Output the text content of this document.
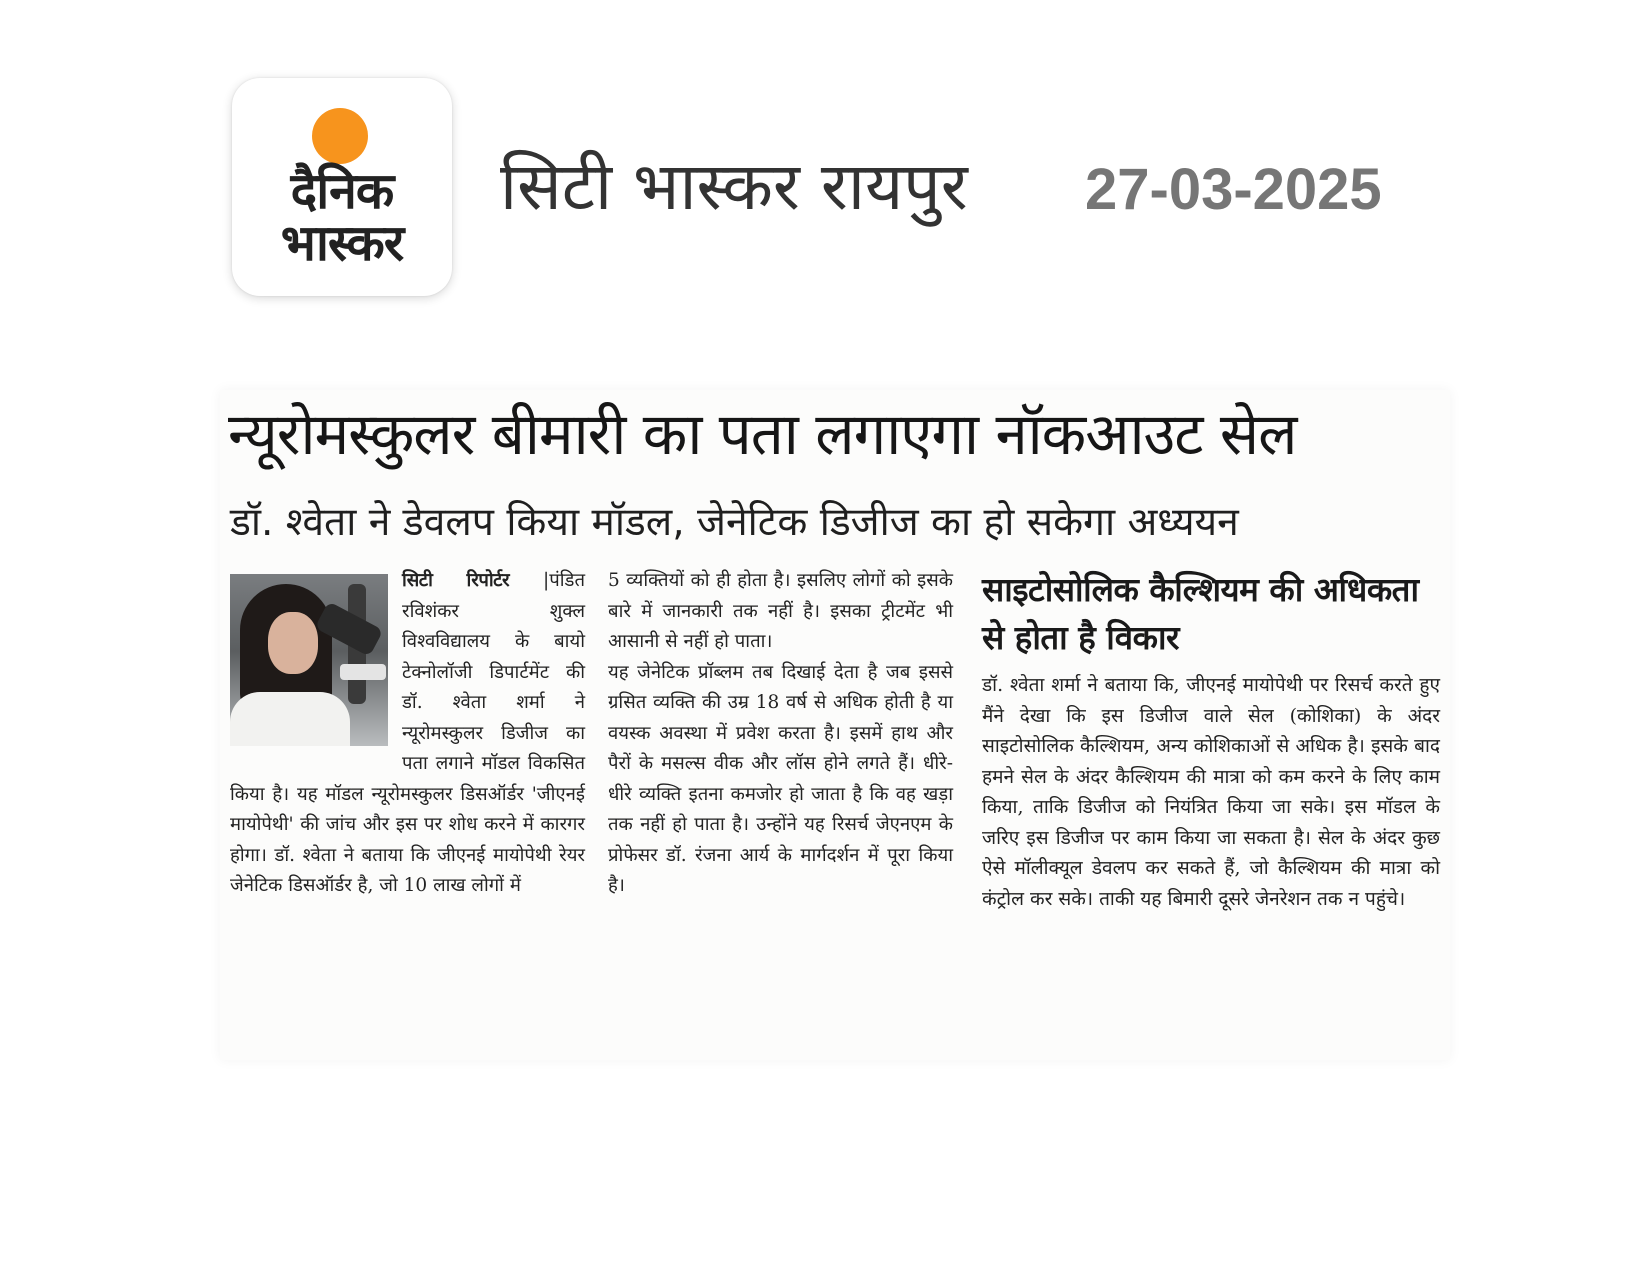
दैनिक
भास्कर
सिटी भास्कर रायपुर 27-03-2025
न्यूरोमस्कुलर बीमारी का पता लगाएगा नॉकआउट सेल
डॉ. श्वेता ने डेवलप किया मॉडल, जेनेटिक डिजीज का हो सकेगा अध्ययन

सिटी रिपोर्टर |पंडित रविशंकर शुक्ल विश्वविद्यालय के बायो टेक्नोलॉजी डिपार्टमेंट की डॉ. श्वेता शर्मा ने न्यूरोमस्कुलर डिजीज का पता लगाने मॉडल विकसित किया है। यह मॉडल न्यूरोमस्कुलर डिसऑर्डर 'जीएनई मायोपेथी' की जांच और इस पर शोध करने में कारगर होगा। डॉ. श्वेता ने बताया कि जीएनई मायोपेथी रेयर जेनेटिक डिसऑर्डर है, जो 10 लाख लोगों में

5 व्यक्तियों को ही होता है। इसलिए लोगों को इसके बारे में जानकारी तक नहीं है। इसका ट्रीटमेंट भी आसानी से नहीं हो पाता।

यह जेनेटिक प्रॉब्लम तब दिखाई देता है जब इससे ग्रसित व्यक्ति की उम्र 18 वर्ष से अधिक होती है या वयस्क अवस्था में प्रवेश करता है। इसमें हाथ और पैरों के मसल्स वीक और लॉस होने लगते हैं। धीरे-धीरे व्यक्ति इतना कमजोर हो जाता है कि वह खड़ा तक नहीं हो पाता है। उन्होंने यह रिसर्च जेएनएम के प्रोफेसर डॉ. रंजना आर्य के मार्गदर्शन में पूरा किया है।

साइटोसोलिक कैल्शियम की अधिकता से होता है विकार

डॉ. श्वेता शर्मा ने बताया कि, जीएनई मायोपेथी पर रिसर्च करते हुए मैंने देखा कि इस डिजीज वाले सेल (कोशिका) के अंदर साइटोसोलिक कैल्शियम, अन्य कोशिकाओं से अधिक है। इसके बाद हमने सेल के अंदर कैल्शियम की मात्रा को कम करने के लिए काम किया, ताकि डिजीज को नियंत्रित किया जा सके। इस मॉडल के जरिए इस डिजीज पर काम किया जा सकता है। सेल के अंदर कुछ ऐसे मॉलीक्यूल डेवलप कर सकते हैं, जो कैल्शियम की मात्रा को कंट्रोल कर सके। ताकी यह बिमारी दूसरे जेनरेशन तक न पहुंचे।
